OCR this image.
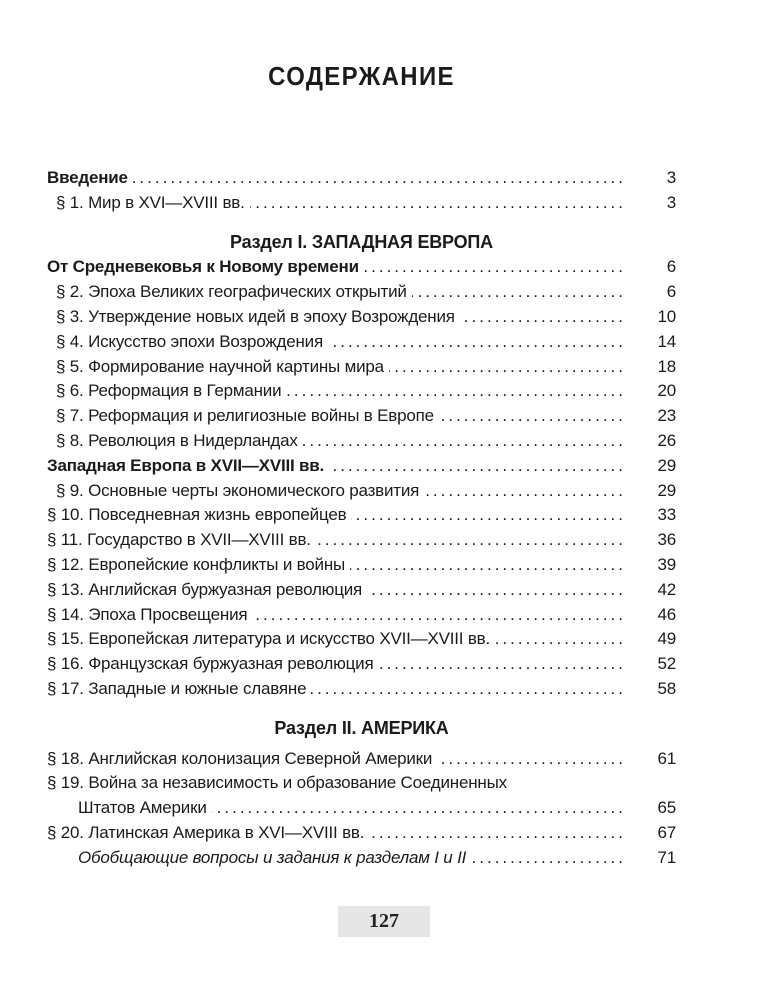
СОДЕРЖАНИЕ
Введение .....	3
§ 1. Мир в XVI—XVIII вв. .....	3
Раздел I. ЗАПАДНАЯ ЕВРОПА
От Средневековья к Новому времени .....	6
§ 2. Эпоха Великих географических открытий .....	6
§ 3. Утверждение новых идей в эпоху Возрождения .....	10
§ 4. Искусство эпохи Возрождения .....	14
§ 5. Формирование научной картины мира .....	18
§ 6. Реформация в Германии .....	20
§ 7. Реформация и религиозные войны в Европе .....	23
§ 8. Революция в Нидерландах .....	26
Западная Европа в XVII—XVIII вв. .....	29
§ 9. Основные черты экономического развития .....	29
§ 10. Повседневная жизнь европейцев .....	33
§ 11. Государство в XVII—XVIII вв. .....	36
§ 12. Европейские конфликты и войны .....	39
§ 13. Английская буржуазная революция .....	42
§ 14. Эпоха Просвещения .....	46
§ 15. Европейская литература и искусство XVII—XVIII вв. .....	49
§ 16. Французская буржуазная революция .....	52
§ 17. Западные и южные славяне .....	58
Раздел II. АМЕРИКА
§ 18. Английская колонизация Северной Америки .....	61
§ 19. Война за независимость и образование Соединенных
Штатов Америки .....	65
§ 20. Латинская Америка в XVI—XVIII вв. .....	67
Обобщающие вопросы и задания к разделам I и II .....	71
127
